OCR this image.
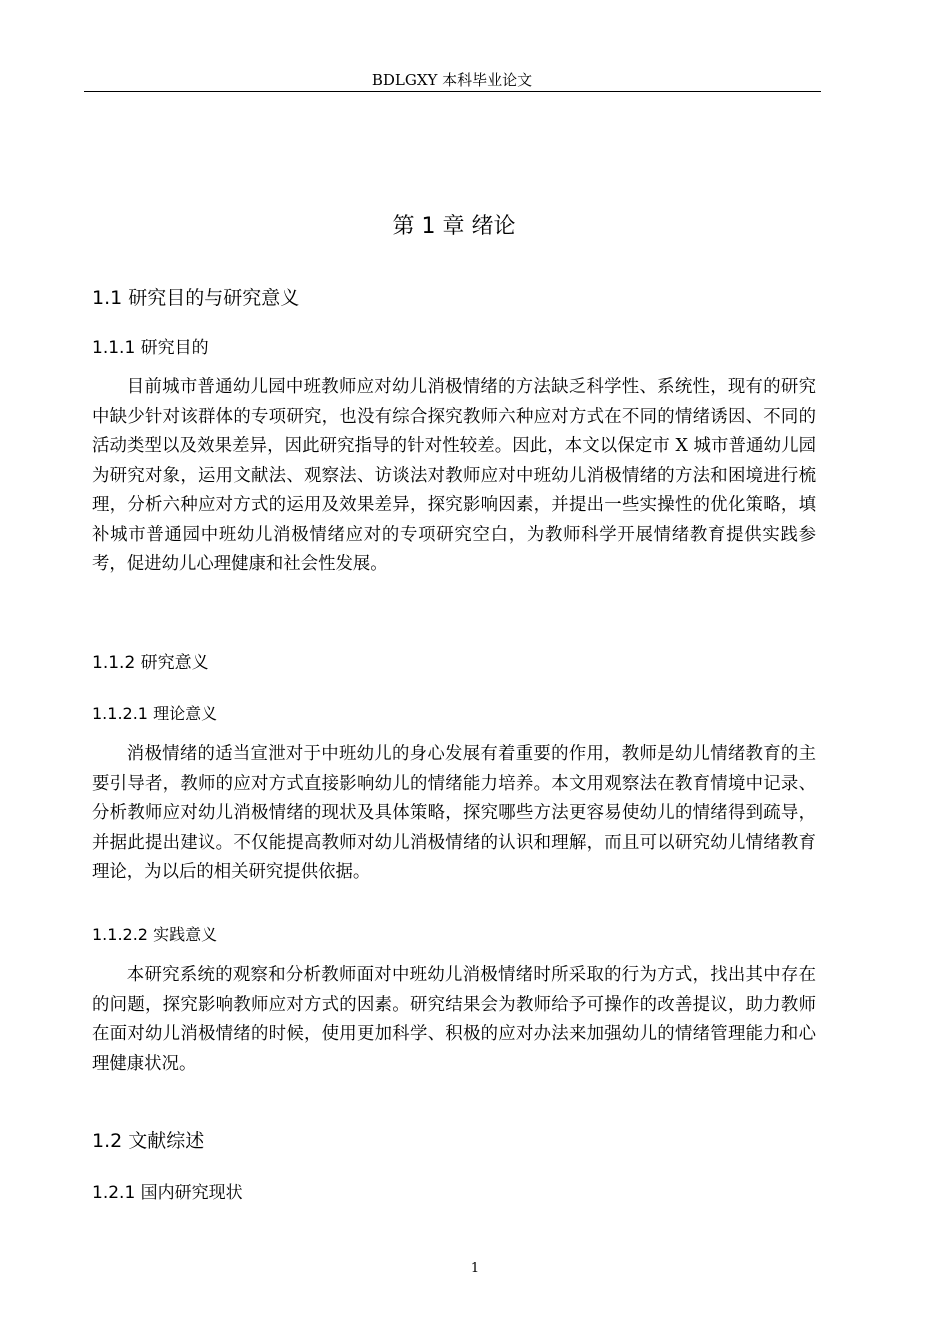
BDLGXY 本科毕业论文
第 1 章 绪论
1.1 研究目的与研究意义
1.1.1 研究目的

目前城市普通幼儿园中班教师应对幼儿消极情绪的方法缺乏科学性、系统性，现有的研究中缺少针对该群体的专项研究，也没有综合探究教师六种应对方式在不同的情绪诱因、不同的活动类型以及效果差异，因此研究指导的针对性较差。因此，本文以保定市 X 城市普通幼儿园为研究对象，运用文献法、观察法、访谈法对教师应对中班幼儿消极情绪的方法和困境进行梳理，分析六种应对方式的运用及效果差异，探究影响因素，并提出一些实操性的优化策略，填补城市普通园中班幼儿消极情绪应对的专项研究空白，为教师科学开展情绪教育提供实践参考，促进幼儿心理健康和社会性发展。

1.1.2 研究意义
1.1.2.1 理论意义

消极情绪的适当宣泄对于中班幼儿的身心发展有着重要的作用，教师是幼儿情绪教育的主要引导者，教师的应对方式直接影响幼儿的情绪能力培养。本文用观察法在教育情境中记录、分析教师应对幼儿消极情绪的现状及具体策略，探究哪些方法更容易使幼儿的情绪得到疏导，并据此提出建议。不仅能提高教师对幼儿消极情绪的认识和理解，而且可以研究幼儿情绪教育理论，为以后的相关研究提供依据。

1.1.2.2 实践意义

本研究系统的观察和分析教师面对中班幼儿消极情绪时所采取的行为方式，找出其中存在的问题，探究影响教师应对方式的因素。研究结果会为教师给予可操作的改善提议，助力教师在面对幼儿消极情绪的时候，使用更加科学、积极的应对办法来加强幼儿的情绪管理能力和心理健康状况。

1.2 文献综述
1.2.1 国内研究现状
1
